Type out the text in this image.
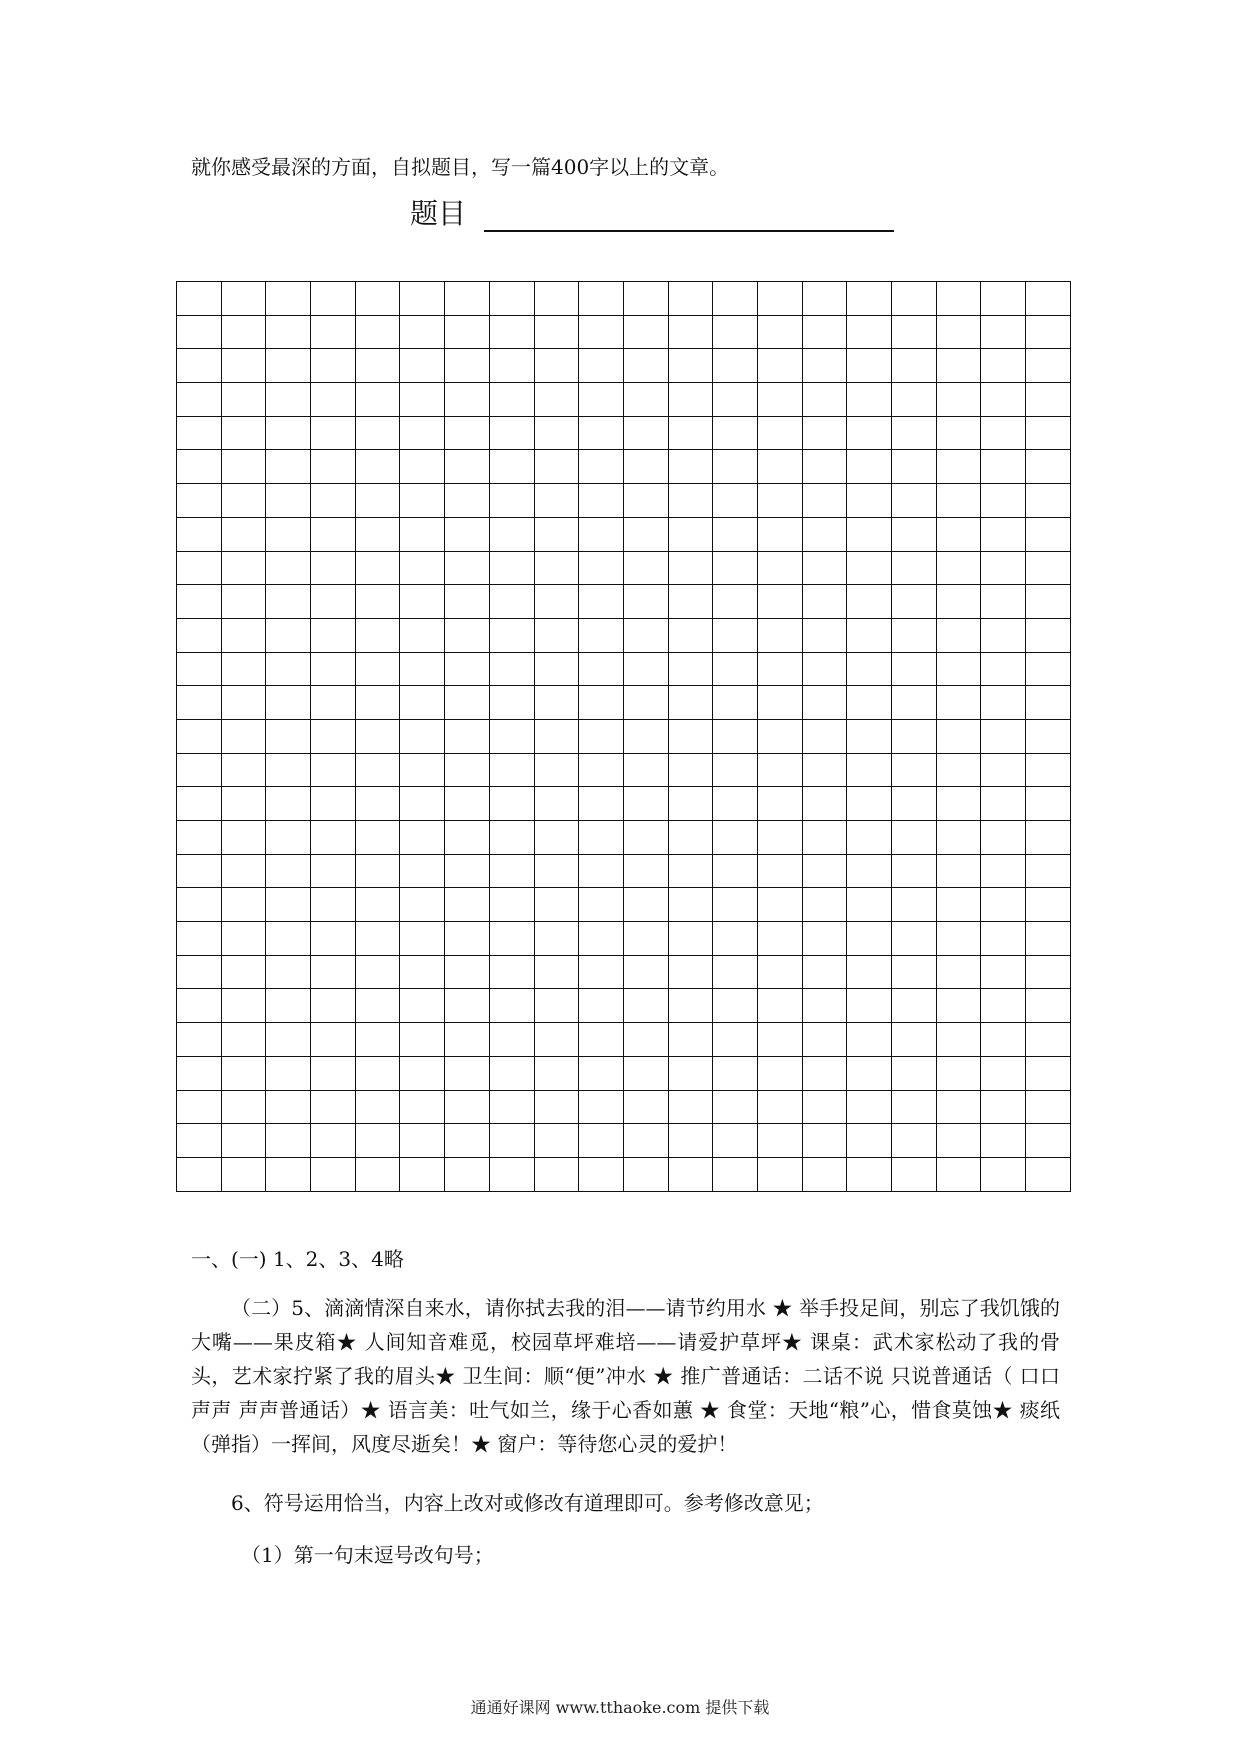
就你感受最深的方面，自拟题目，写一篇400字以上的文章。
题目
一、(一) 1、2、3、4略
（二）5、滴滴情深自来水，请你拭去我的泪——请节约用水 ★ 举手投足间，别忘了我饥饿的大嘴——果皮箱★ 人间知音难觅，校园草坪难培——请爱护草坪★ 课桌：武术家松动了我的骨头，艺术家拧紧了我的眉头★ 卫生间：顺“便”冲水 ★ 推广普通话：二话不说 只说普通话（ 口口声声 声声普通话）★ 语言美：吐气如兰，缘于心香如蕙 ★ 食堂：天地“粮”心，惜食莫蚀★ 痰纸（弹指）一挥间，风度尽逝矣！★ 窗户：等待您心灵的爱护！
6、符号运用恰当，内容上改对或修改有道理即可。参考修改意见；
（1）第一句末逗号改句号；
通通好课网 www.tthaoke.com 提供下载
